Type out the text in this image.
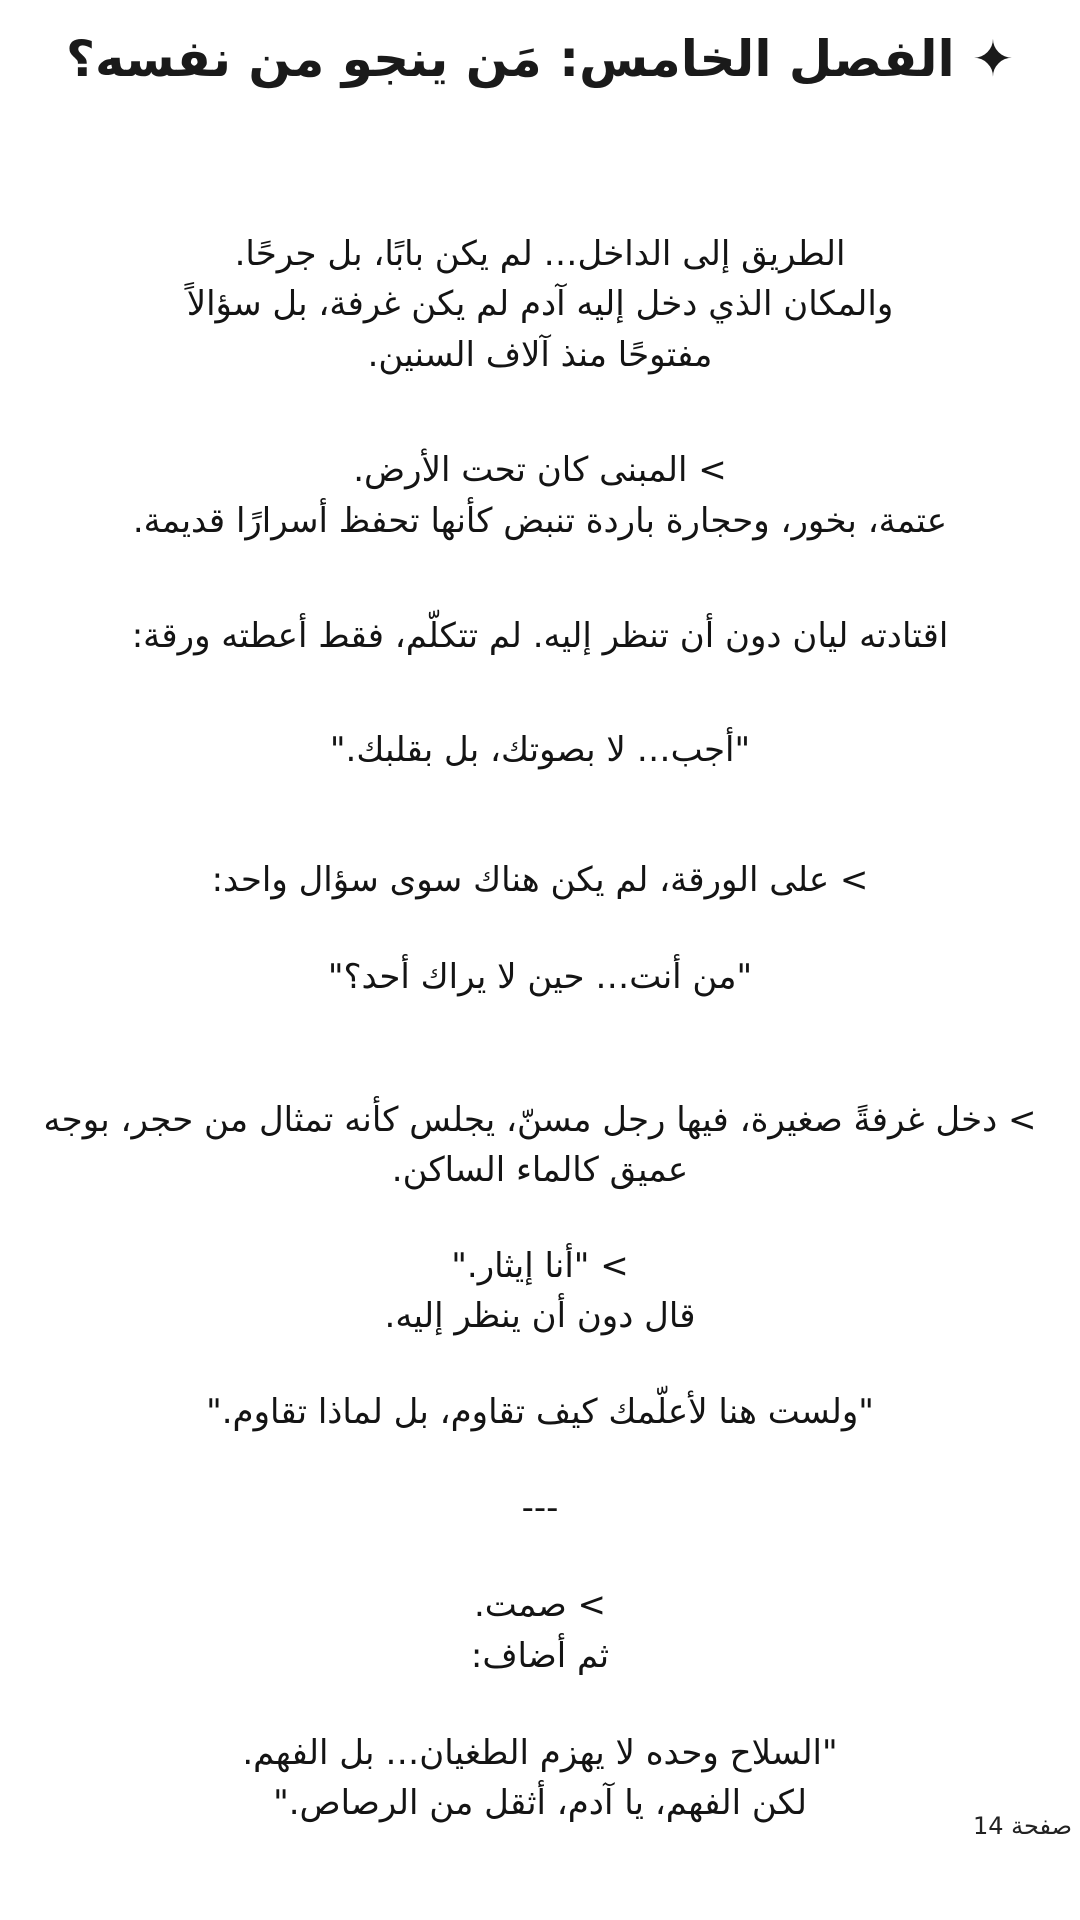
✦ الفصل الخامس: مَن ينجو من نفسه؟

الطريق إلى الداخل… لم يكن بابًا، بل جرحًا.

والمكان الذي دخل إليه آدم لم يكن غرفة، بل سؤالاً

مفتوحًا منذ آلاف السنين.

> المبنى كان تحت الأرض.

عتمة، بخور، وحجارة باردة تنبض كأنها تحفظ أسرارًا قديمة.

اقتادته ليان دون أن تنظر إليه. لم تتكلّم، فقط أعطته ورقة:

"أجب… لا بصوتك، بل بقلبك."

> على الورقة، لم يكن هناك سوى سؤال واحد:

"من أنت… حين لا يراك أحد؟"

> دخل غرفةً صغيرة، فيها رجل مسنّ، يجلس كأنه تمثال من حجر، بوجه

عميق كالماء الساكن.

> "أنا إيثار."

قال دون أن ينظر إليه.

"ولست هنا لأعلّمك كيف تقاوم، بل لماذا تقاوم."

---

> صمت.

ثم أضاف:

"السلاح وحده لا يهزم الطغيان… بل الفهم.

لكن الفهم، يا آدم، أثقل من الرصاص."

صفحة 14
